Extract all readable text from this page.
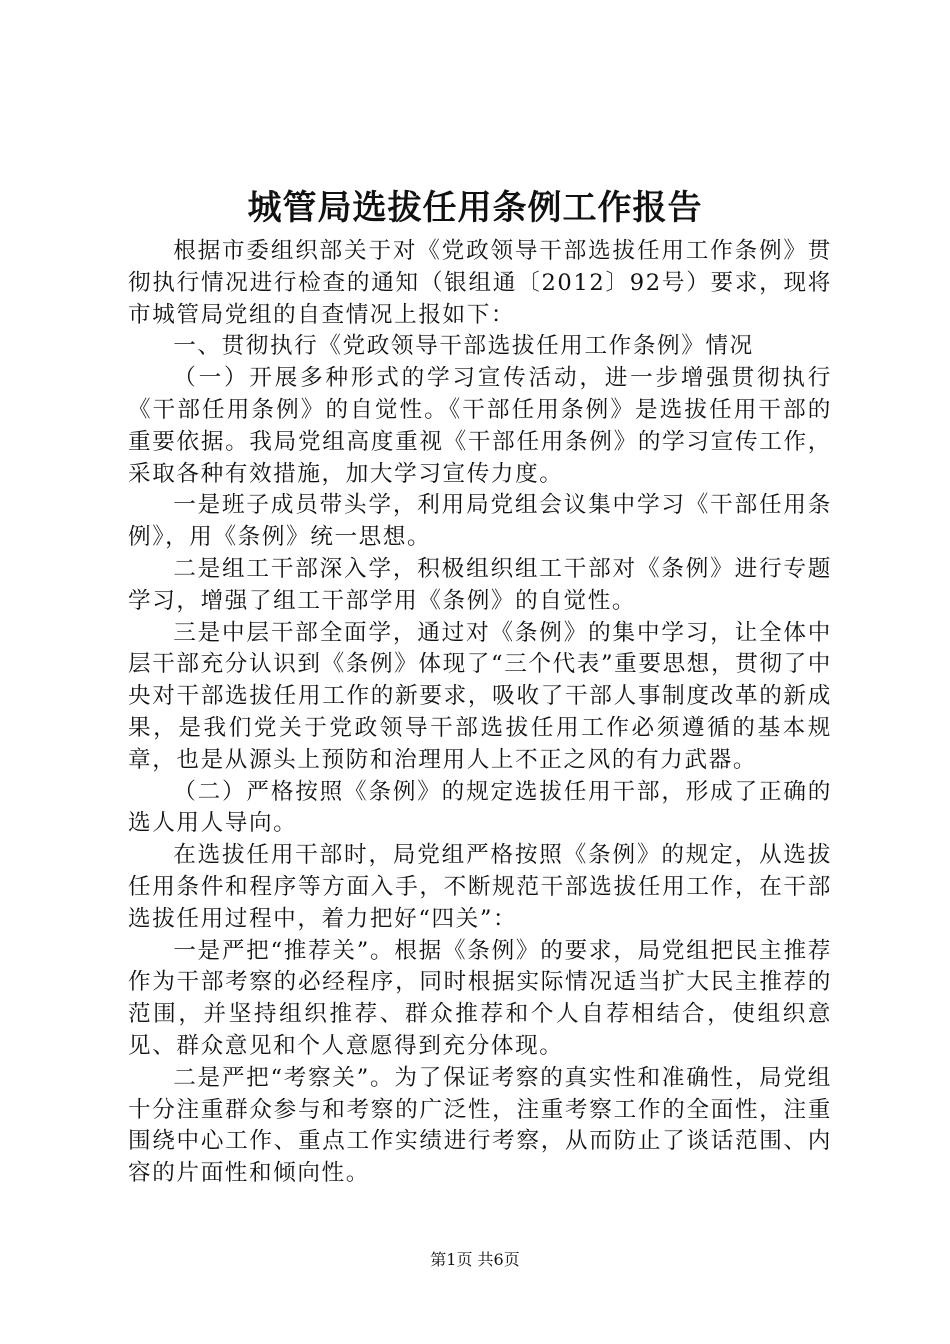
城管局选拔任用条例工作报告

根据市委组织部关于对《党政领导干部选拔任用工作条例》贯彻执行情况进行检查的通知（银组通〔2012〕92号）要求，现将市城管局党组的自查情况上报如下：

一、贯彻执行《党政领导干部选拔任用工作条例》情况

（一）开展多种形式的学习宣传活动，进一步增强贯彻执行《干部任用条例》的自觉性。《干部任用条例》是选拔任用干部的重要依据。我局党组高度重视《干部任用条例》的学习宣传工作，采取各种有效措施，加大学习宣传力度。

一是班子成员带头学，利用局党组会议集中学习《干部任用条例》，用《条例》统一思想。

二是组工干部深入学，积极组织组工干部对《条例》进行专题学习，增强了组工干部学用《条例》的自觉性。

三是中层干部全面学，通过对《条例》的集中学习，让全体中层干部充分认识到《条例》体现了“三个代表”重要思想，贯彻了中央对干部选拔任用工作的新要求，吸收了干部人事制度改革的新成果，是我们党关于党政领导干部选拔任用工作必须遵循的基本规章，也是从源头上预防和治理用人上不正之风的有力武器。

（二）严格按照《条例》的规定选拔任用干部，形成了正确的选人用人导向。

在选拔任用干部时，局党组严格按照《条例》的规定，从选拔任用条件和程序等方面入手，不断规范干部选拔任用工作，在干部选拔任用过程中，着力把好“四关”：

一是严把“推荐关”。根据《条例》的要求，局党组把民主推荐作为干部考察的必经程序，同时根据实际情况适当扩大民主推荐的范围，并坚持组织推荐、群众推荐和个人自荐相结合，使组织意见、群众意见和个人意愿得到充分体现。

二是严把“考察关”。为了保证考察的真实性和准确性，局党组十分注重群众参与和考察的广泛性，注重考察工作的全面性，注重围绕中心工作、重点工作实绩进行考察，从而防止了谈话范围、内容的片面性和倾向性。

第1页 共6页
